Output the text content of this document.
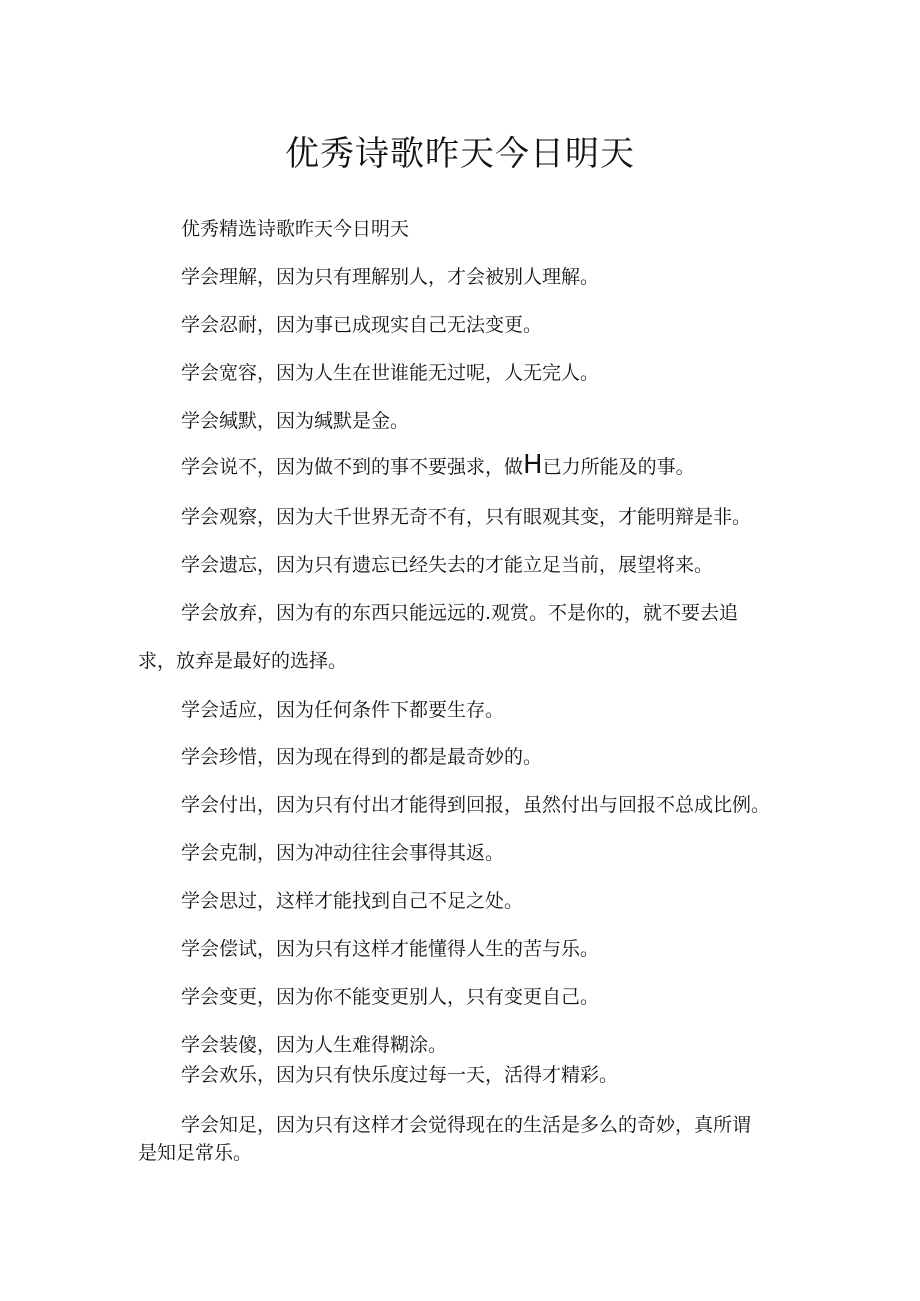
优秀诗歌昨天今日明天

优秀精选诗歌昨天今日明天

学会理解，因为只有理解别人，才会被别人理解。

学会忍耐，因为事已成现实自己无法变更。

学会宽容，因为人生在世谁能无过呢，人无完人。

学会缄默，因为缄默是金。

学会说不，因为做不到的事不要强求，做H已力所能及的事。

学会观察，因为大千世界无奇不有，只有眼观其变，才能明辩是非。

学会遗忘，因为只有遗忘已经失去的才能立足当前，展望将来。

学会放弃，因为有的东西只能远远的.观赏。不是你的，就不要去追
求，放弃是最好的选择。

学会适应，因为任何条件下都要生存。

学会珍惜，因为现在得到的都是最奇妙的。

学会付出，因为只有付出才能得到回报，虽然付出与回报不总成比例。

学会克制，因为冲动往往会事得其返。

学会思过，这样才能找到自己不足之处。

学会偿试，因为只有这样才能懂得人生的苦与乐。

学会变更，因为你不能变更别人，只有变更自己。

学会装傻，因为人生难得糊涂。

学会欢乐，因为只有快乐度过每一天，活得才精彩。

学会知足，因为只有这样才会觉得现在的生活是多么的奇妙，真所谓
是知足常乐。
